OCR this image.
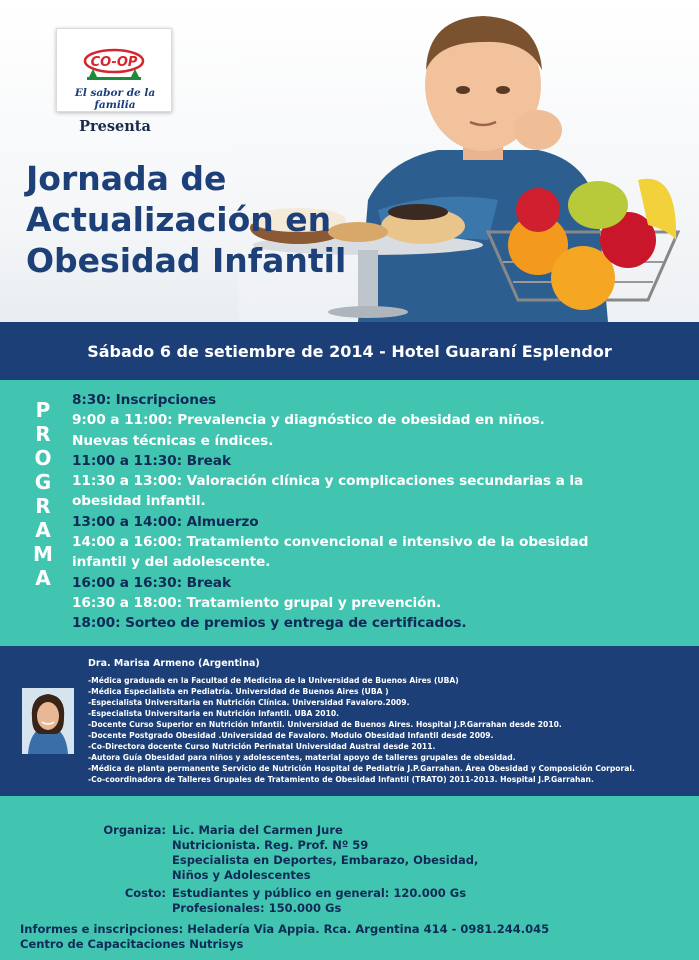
CO-OP
El sabor de la familia
Presenta
Jornada de
Actualización en
Obesidad Infantil
Sábado 6 de setiembre de 2014 - Hotel Guaraní Esplendor
P
R
O
G
R
A
M
A
8:30: Inscripciones
9:00 a 11:00: Prevalencia y diagnóstico de obesidad en niños.
Nuevas técnicas e índices.
11:00 a 11:30: Break
11:30 a 13:00: Valoración clínica y complicaciones secundarias a la
obesidad infantil.
13:00 a 14:00: Almuerzo
14:00 a 16:00: Tratamiento convencional e intensivo de la obesidad
infantil y del adolescente.
16:00 a 16:30: Break
16:30 a 18:00: Tratamiento grupal y prevención.
18:00: Sorteo de premios y entrega de certificados.
Dra. Marisa Armeno (Argentina)
-Médica graduada en la Facultad de Medicina de la Universidad de Buenos Aires (UBA)
-Médica Especialista en Pediatría. Universidad de Buenos Aires (UBA )
-Especialista Universitaria en Nutrición Clínica. Universidad Favaloro.2009.
-Especialista Universitaria en Nutrición Infantil. UBA 2010.
-Docente Curso Superior en Nutrición Infantil. Universidad de Buenos Aires. Hospital J.P.Garrahan desde 2010.
-Docente Postgrado Obesidad .Universidad de Favaloro. Modulo Obesidad Infantil desde 2009.
-Co-Directora docente Curso Nutrición Perinatal Universidad Austral desde 2011.
-Autora Guía Obesidad para niños y adolescentes, material apoyo de talleres grupales de obesidad.
-Médica de planta permanente Servicio de Nutrición Hospital de Pediatría J.P.Garrahan. Área Obesidad y Composición Corporal.
-Co-coordinadora de Talleres Grupales de Tratamiento de Obesidad Infantil (TRATO) 2011-2013. Hospital J.P.Garrahan.
Organiza: Lic. Maria del Carmen Jure
Nutricionista. Reg. Prof. Nº 59
Especialista en Deportes, Embarazo, Obesidad,
Niños y Adolescentes
Costo: Estudiantes y público en general: 120.000 Gs
Profesionales: 150.000 Gs
Informes e inscripciones: Heladería Via Appia. Rca. Argentina 414 - 0981.244.045
Centro de Capacitaciones Nutrisys
